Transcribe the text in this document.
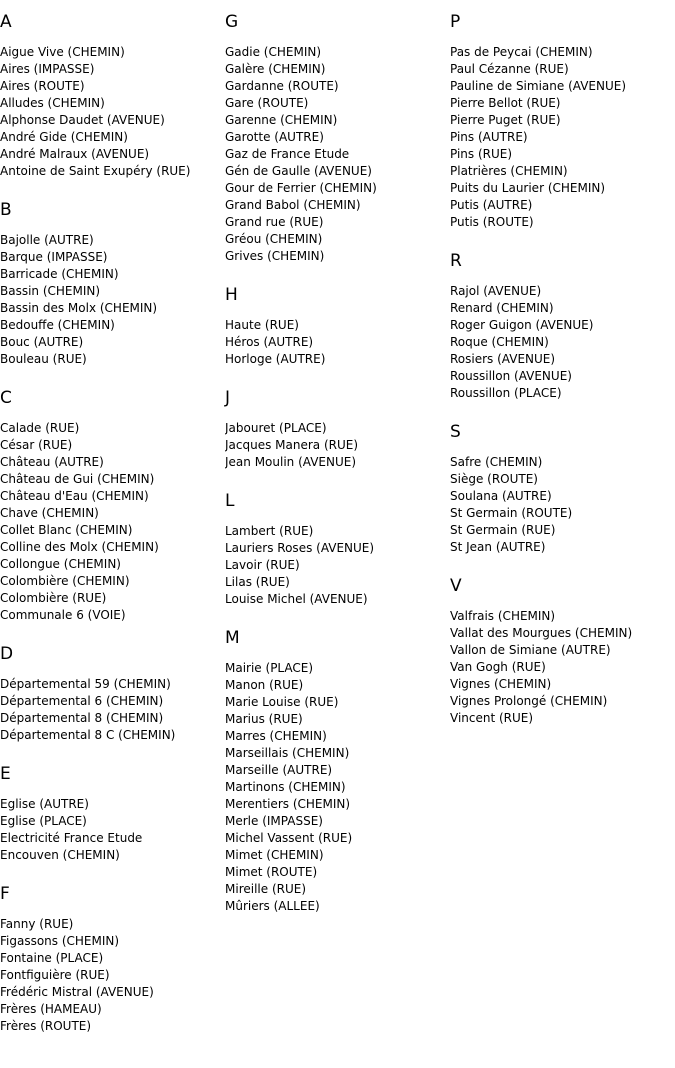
A
Aigue Vive (CHEMIN)
Aires (IMPASSE)
Aires (ROUTE)
Alludes (CHEMIN)
Alphonse Daudet (AVENUE)
André Gide (CHEMIN)
André Malraux (AVENUE)
Antoine de Saint Exupéry (RUE)
B
Bajolle (AUTRE)
Barque (IMPASSE)
Barricade (CHEMIN)
Bassin (CHEMIN)
Bassin des Molx (CHEMIN)
Bedouffe (CHEMIN)
Bouc (AUTRE)
Bouleau (RUE)
C
Calade (RUE)
César (RUE)
Château (AUTRE)
Château de Gui (CHEMIN)
Château d'Eau (CHEMIN)
Chave (CHEMIN)
Collet Blanc (CHEMIN)
Colline des Molx (CHEMIN)
Collongue (CHEMIN)
Colombière (CHEMIN)
Colombière (RUE)
Communale 6 (VOIE)
D
Départemental 59 (CHEMIN)
Départemental 6 (CHEMIN)
Départemental 8 (CHEMIN)
Départemental 8 C (CHEMIN)
E
Eglise (AUTRE)
Eglise (PLACE)
Electricité France Etude
Encouven (CHEMIN)
F
Fanny (RUE)
Figassons (CHEMIN)
Fontaine (PLACE)
Fontfiguière (RUE)
Frédéric Mistral (AVENUE)
Frères (HAMEAU)
Frères (ROUTE)
G
Gadie (CHEMIN)
Galère (CHEMIN)
Gardanne (ROUTE)
Gare (ROUTE)
Garenne (CHEMIN)
Garotte (AUTRE)
Gaz de France Etude
Gén de Gaulle (AVENUE)
Gour de Ferrier (CHEMIN)
Grand Babol (CHEMIN)
Grand rue (RUE)
Gréou (CHEMIN)
Grives (CHEMIN)
H
Haute (RUE)
Héros (AUTRE)
Horloge (AUTRE)
J
Jabouret (PLACE)
Jacques Manera (RUE)
Jean Moulin (AVENUE)
L
Lambert (RUE)
Lauriers Roses (AVENUE)
Lavoir (RUE)
Lilas (RUE)
Louise Michel (AVENUE)
M
Mairie (PLACE)
Manon (RUE)
Marie Louise (RUE)
Marius (RUE)
Marres (CHEMIN)
Marseillais (CHEMIN)
Marseille (AUTRE)
Martinons (CHEMIN)
Merentiers (CHEMIN)
Merle (IMPASSE)
Michel Vassent (RUE)
Mimet (CHEMIN)
Mimet (ROUTE)
Mireille (RUE)
Mûriers (ALLEE)
P
Pas de Peycai (CHEMIN)
Paul Cézanne (RUE)
Pauline de Simiane (AVENUE)
Pierre Bellot (RUE)
Pierre Puget (RUE)
Pins (AUTRE)
Pins (RUE)
Platrières (CHEMIN)
Puits du Laurier (CHEMIN)
Putis (AUTRE)
Putis (ROUTE)
R
Rajol (AVENUE)
Renard (CHEMIN)
Roger Guigon (AVENUE)
Roque (CHEMIN)
Rosiers (AVENUE)
Roussillon (AVENUE)
Roussillon (PLACE)
S
Safre (CHEMIN)
Siège (ROUTE)
Soulana (AUTRE)
St Germain (ROUTE)
St Germain (RUE)
St Jean (AUTRE)
V
Valfrais (CHEMIN)
Vallat des Mourgues (CHEMIN)
Vallon de Simiane (AUTRE)
Van Gogh (RUE)
Vignes (CHEMIN)
Vignes Prolongé (CHEMIN)
Vincent (RUE)
